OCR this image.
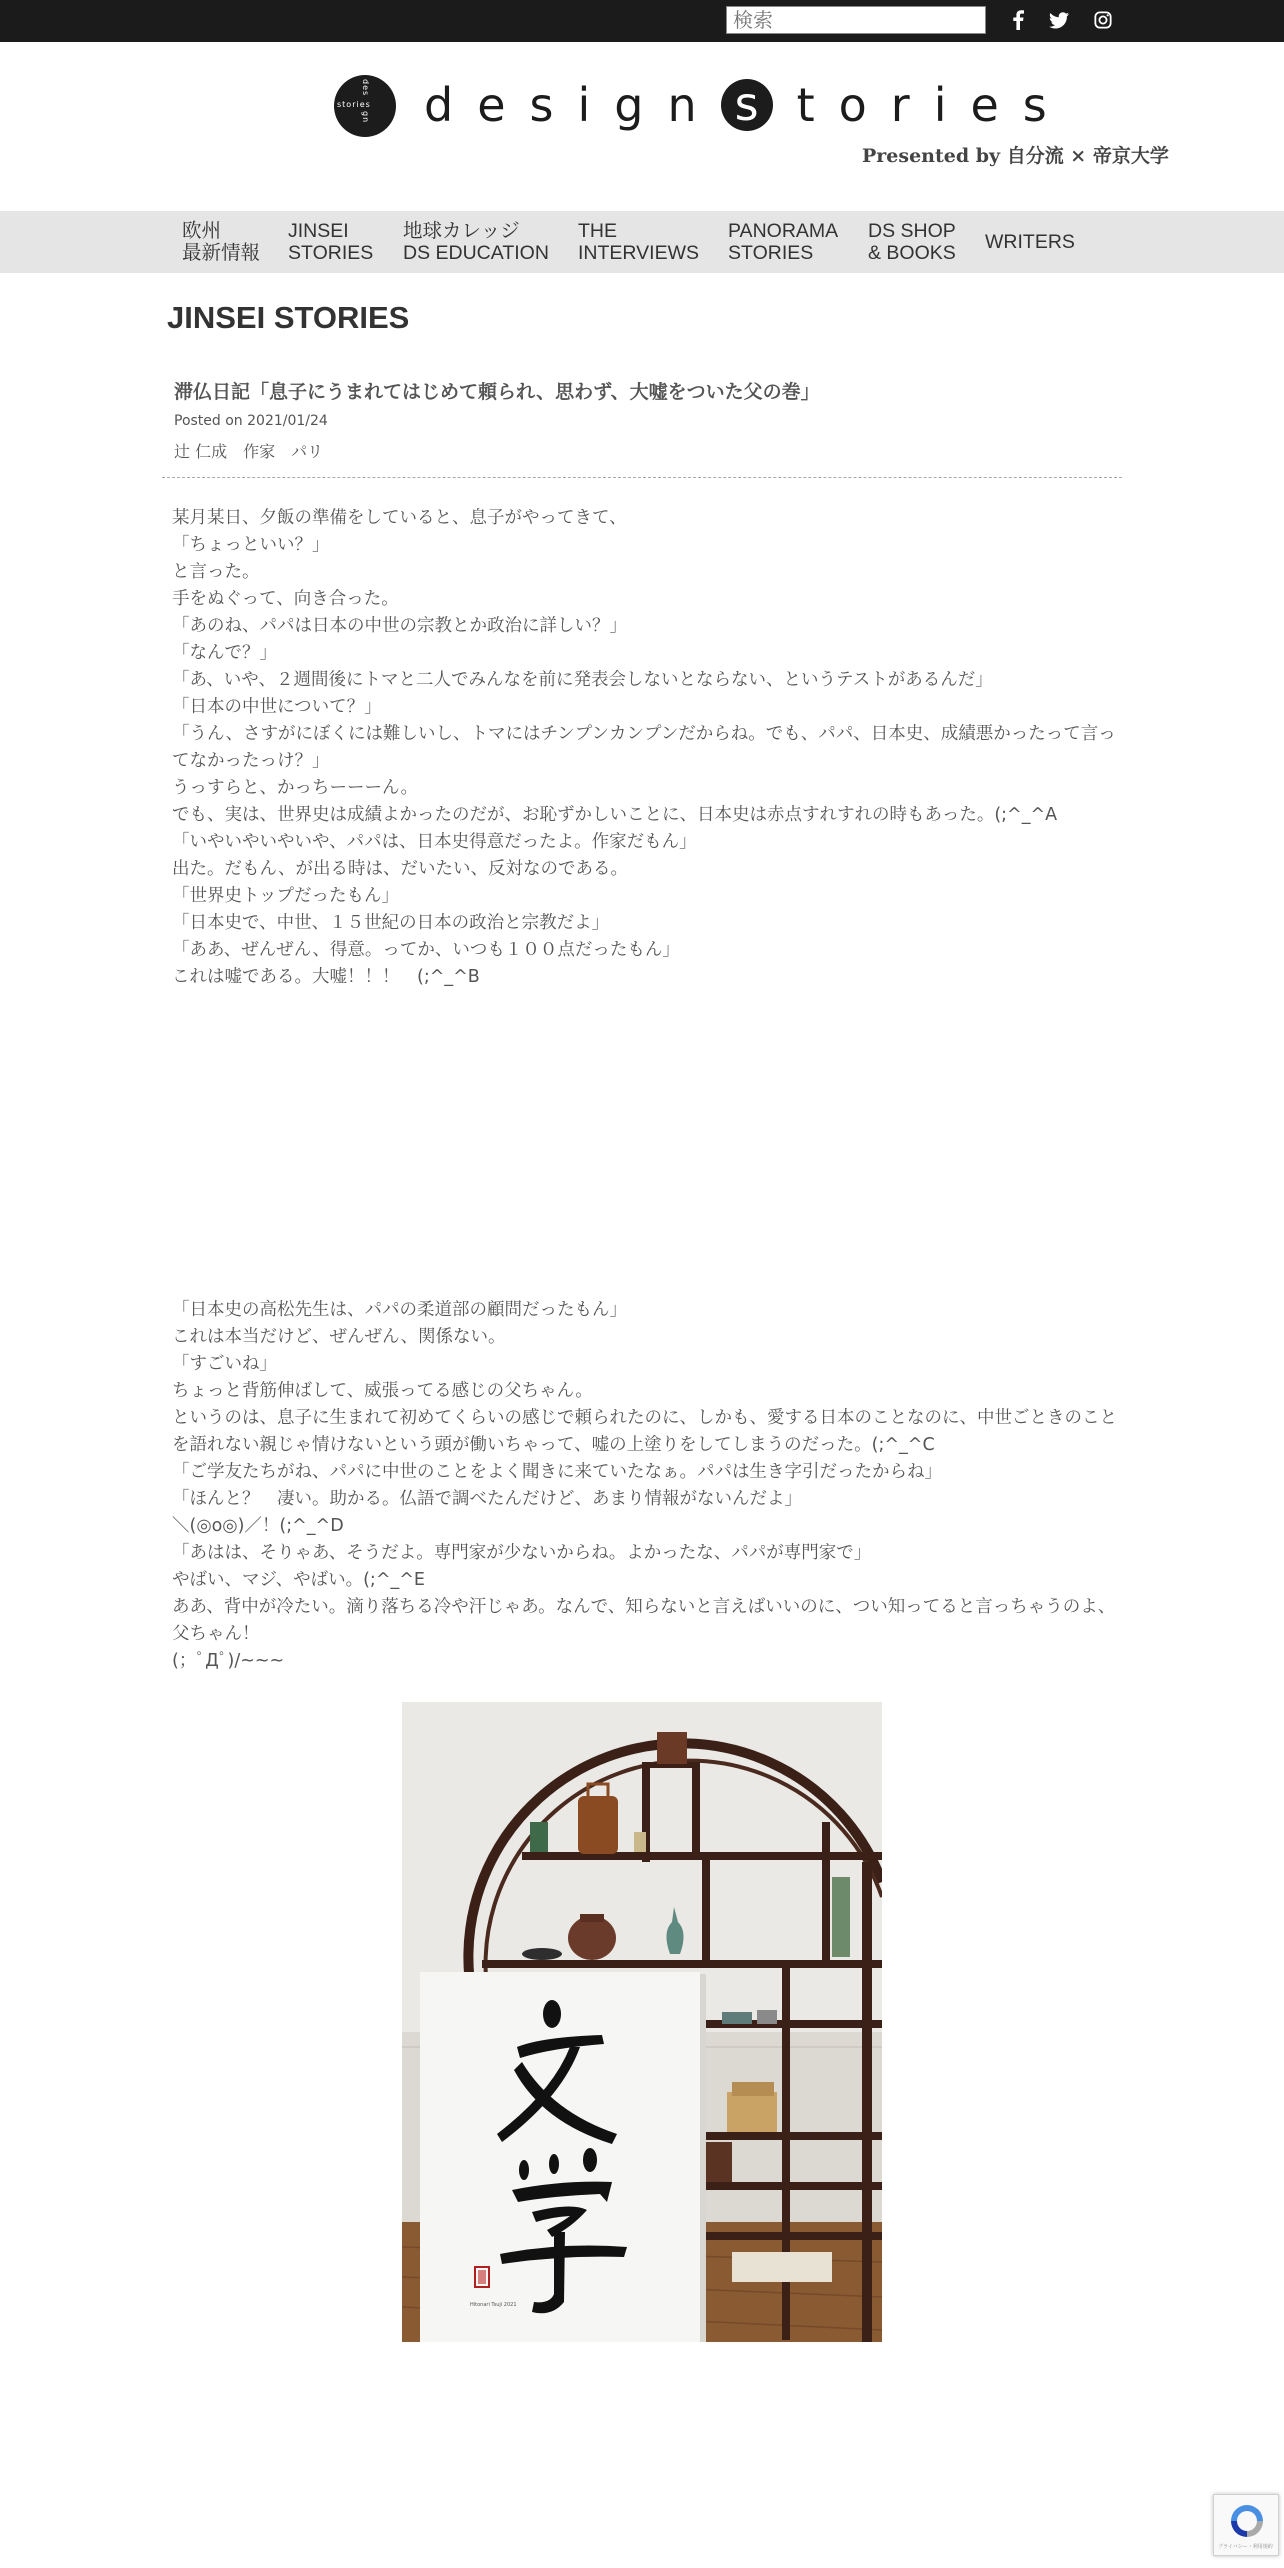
検索
des
stories
gn design s tories
Presented by 自分流 × 帝京大学
欧州
最新情報
JINSEI
STORIES
地球カレッジ
DS EDUCATION
THE
INTERVIEWS
PANORAMA
STORIES
DS SHOP
& BOOKS WRITERS
JINSEI STORIES
滞仏日記「息子にうまれてはじめて頼られ、思わず、大嘘をついた父の巻」
Posted on 2021/01/24
辻 仁成 作家 パリ

某月某日、夕飯の準備をしていると、息子がやってきて、

「ちょっといい？」

と言った。

手をぬぐって、向き合った。

「あのね、パパは日本の中世の宗教とか政治に詳しい？」

「なんで？」

「あ、いや、２週間後にトマと二人でみんなを前に発表会しないとならない、というテストがあるんだ」

「日本の中世について？」

「うん、さすがにぼくには難しいし、トマにはチンプンカンプンだからね。でも、パパ、日本史、成績悪かったって言ってなかったっけ？」

うっすらと、かっちーーーん。

でも、実は、世界史は成績よかったのだが、お恥ずかしいことに、日本史は赤点すれすれの時もあった。(;^_^A

「いやいやいやいや、パパは、日本史得意だったよ。作家だもん」

出た。だもん、が出る時は、だいたい、反対なのである。

「世界史トップだったもん」

「日本史で、中世、１５世紀の日本の政治と宗教だよ」

「ああ、ぜんぜん、得意。ってか、いつも１００点だったもん」

これは嘘である。大嘘！！！　(;^_^B

「日本史の高松先生は、パパの柔道部の顧問だったもん」

これは本当だけど、ぜんぜん、関係ない。

「すごいね」

ちょっと背筋伸ばして、威張ってる感じの父ちゃん。

というのは、息子に生まれて初めてくらいの感じで頼られたのに、しかも、愛する日本のことなのに、中世ごときのことを語れない親じゃ情けないという頭が働いちゃって、嘘の上塗りをしてしまうのだった。(;^_^C

「ご学友たちがね、パパに中世のことをよく聞きに来ていたなぁ。パパは生き字引だったからね」

「ほんと？　凄い。助かる。仏語で調べたんだけど、あまり情報がないんだよ」

＼(◎o◎)／！(;^_^D

「あはは、そりゃあ、そうだよ。専門家が少ないからね。よかったな、パパが専門家で」

やばい、マジ、やばい。(;^_^E

ああ、背中が冷たい。滴り落ちる冷や汗じゃあ。なんで、知らないと言えばいいのに、つい知ってると言っちゃうのよ、父ちゃん！

(；ﾟДﾟ)/~~~

Hitonari Tsuji 2021
プライバシー・利用規約
